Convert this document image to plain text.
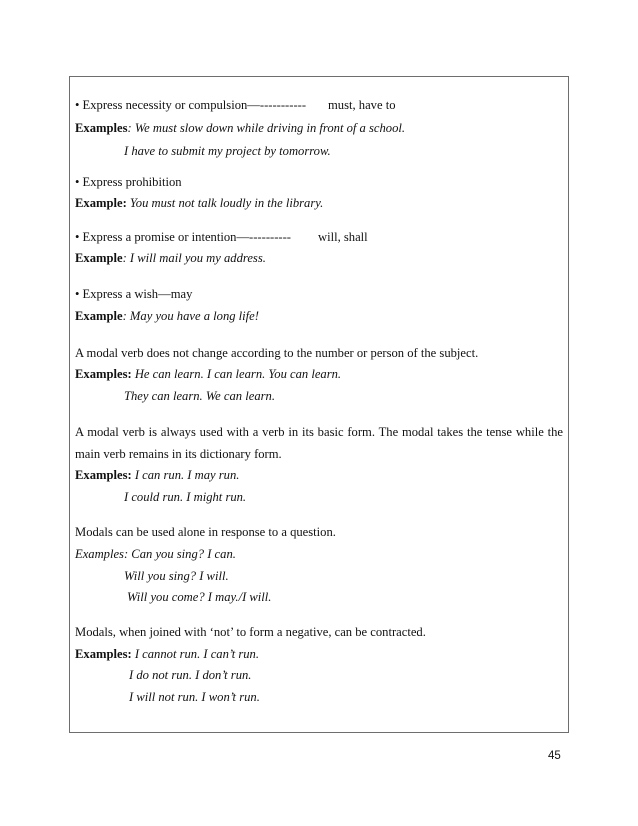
• Express necessity or compulsion—----------- must, have to
Examples: We must slow down while driving in front of a school.
I have to submit my project by tomorrow.
• Express prohibition
Example: You must not talk loudly in the library.
• Express a promise or intention—---------- will, shall
Example: I will mail you my address.
• Express a wish—may
Example: May you have a long life!
A modal verb does not change according to the number or person of the subject.
Examples: He can learn. I can learn. You can learn.
They can learn. We can learn.
A modal verb is always used with a verb in its basic form. The modal takes the tense while the
main verb remains in its dictionary form.
Examples: I can run. I may run.
I could run. I might run.
Modals can be used alone in response to a question.
Examples: Can you sing? I can.
Will you sing? I will.
Will you come? I may./I will.
Modals, when joined with ‘not’ to form a negative, can be contracted.
Examples: I cannot run. I can’t run.
I do not run. I don’t run.
I will not run. I won’t run.
45
